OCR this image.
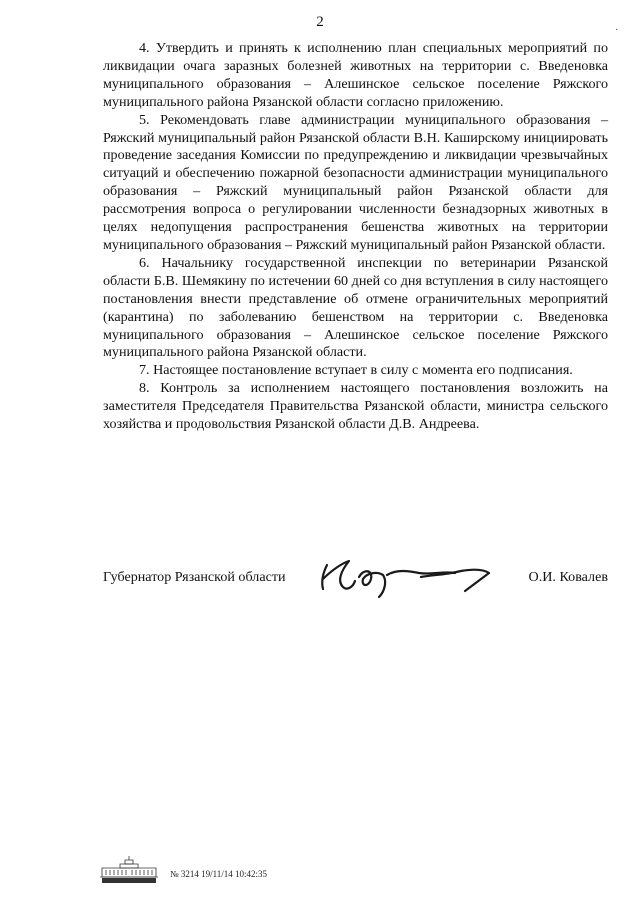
2	.

4. Утвердить и принять к исполнению план специальных мероприятий по ликвидации очага заразных болезней животных на территории с. Введеновка муниципального образования – Алешинское сельское поселение Ряжского муниципального района Рязанской области согласно приложению.

5. Рекомендовать главе администрации муниципального образования – Ряжский муниципальный район Рязанской области В.Н. Каширскому инициировать проведение заседания Комиссии по предупреждению и ликвидации чрезвычайных ситуаций и обеспечению пожарной безопасности администрации муниципального образования – Ряжский муниципальный район Рязанской области для рассмотрения вопроса о регулировании численности безнадзорных животных в целях недопущения распространения бешенства животных на территории муниципального образования – Ряжский муниципальный район Рязанской области.

6. Начальнику государственной инспекции по ветеринарии Рязанской области Б.В. Шемякину по истечении 60 дней со дня вступления в силу настоящего постановления внести представление об отмене ограничительных мероприятий (карантина) по заболеванию бешенством на территории с. Введеновка муниципального образования – Алешинское сельское поселение Ряжского муниципального района Рязанской области.

7. Настоящее постановление вступает в силу с момента его подписания.

8. Контроль за исполнением настоящего постановления возложить на заместителя Председателя Правительства Рязанской области, министра сельского хозяйства и продовольствия Рязанской области Д.В. Андреева.

Губернатор Рязанской области	О.И. Ковалев
№ 3214 19/11/14 10:42:35
